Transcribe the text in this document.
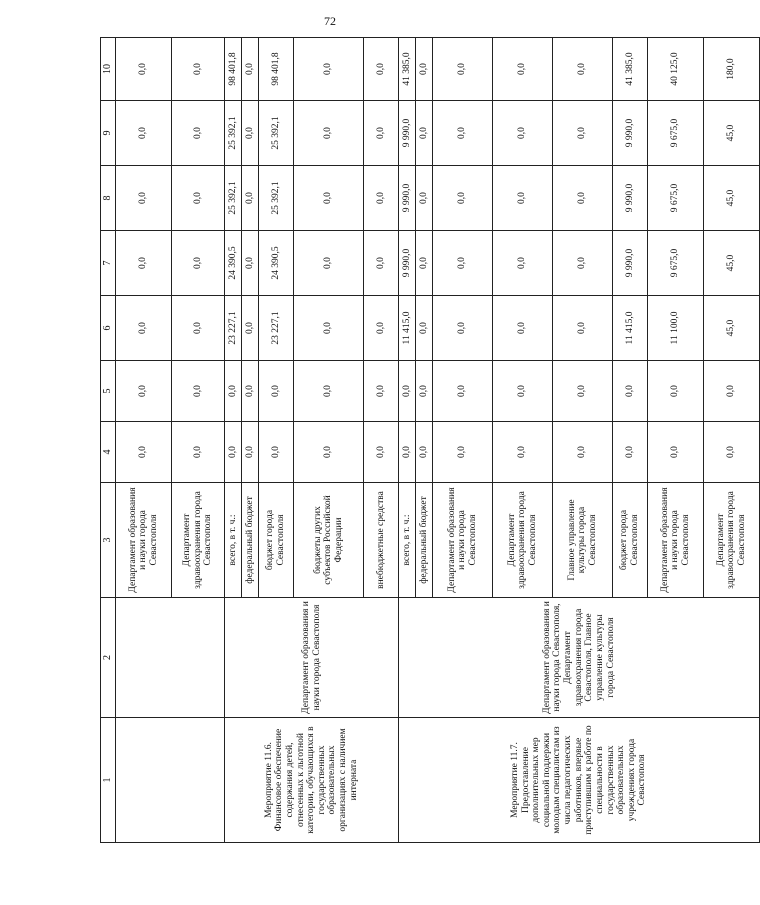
72
1	2	3	4	5	6	7	8	9	10
		Департамент образования и науки города Севастополя	0,0	0,0	0,0	0,0	0,0	0,0	0,0
		Департамент здравоохранения города Севастополя	0,0	0,0	0,0	0,0	0,0	0,0	0,0
Мероприятие 11.6. Финансовое обеспечение содержания детей, отнесенных к льготной категории, обучающихся в государственных образовательных организациях с наличием интерната	Департамент образования и науки города Севастополя	всего, в т. ч.:	0,0	0,0	23 227,1	24 390,5	25 392,1	25 392,1	98 401,8
		федеральный бюджет	0,0	0,0	0,0	0,0	0,0	0,0	0,0
		бюджет города Севастополя	0,0	0,0	23 227,1	24 390,5	25 392,1	25 392,1	98 401,8
		бюджеты других субъектов Российской Федерации	0,0	0,0	0,0	0,0	0,0	0,0	0,0
		внебюджетные средства	0,0	0,0	0,0	0,0	0,0	0,0	0,0
Мероприятие 11.7. Предоставление дополнительных мер социальной поддержки молодым специалистам из числа педагогических работников, впервые приступившим к работе по специальности в государственных образовательных учреждениях города Севастополя	Департамент образования и науки города Севастополя, Департамент здравоохранения города Севастополя, Главное управление культуры города Севастополя	всего, в т. ч.:	0,0	0,0	11 415,0	9 990,0	9 990,0	9 990,0	41 385,0
		федеральный бюджет	0,0	0,0	0,0	0,0	0,0	0,0	0,0
		Департамент образования и науки города Севастополя	0,0	0,0	0,0	0,0	0,0	0,0	0,0
		Департамент здравоохранения города Севастополя	0,0	0,0	0,0	0,0	0,0	0,0	0,0
		Главное управление культуры города Севастополя	0,0	0,0	0,0	0,0	0,0	0,0	0,0
		бюджет города Севастополя	0,0	0,0	11 415,0	9 990,0	9 990,0	9 990,0	41 385,0
		Департамент образования и науки города Севастополя	0,0	0,0	11 100,0	9 675,0	9 675,0	9 675,0	40 125,0
		Департамент здравоохранения города Севастополя	0,0	0,0	45,0	45,0	45,0	45,0	180,0
